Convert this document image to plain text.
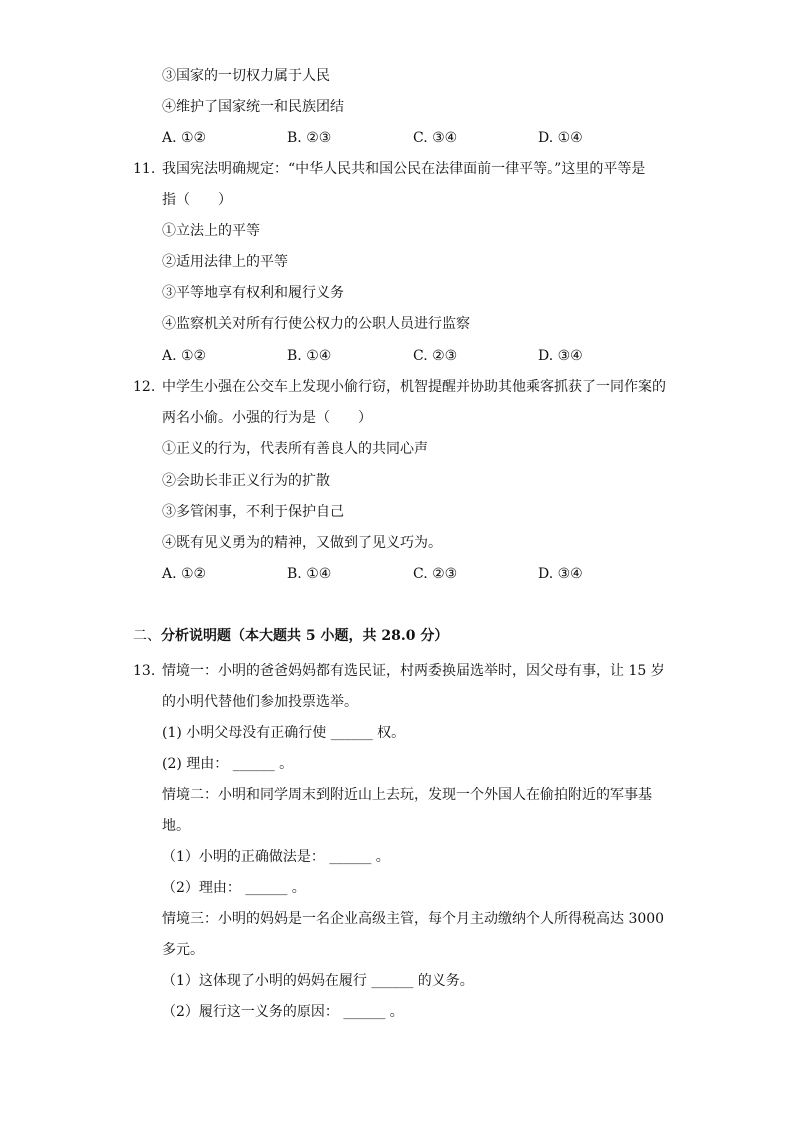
③国家的一切权力属于人民
④维护了国家统一和民族团结
A. ①②	B. ②③	C. ③④	D. ①④
11. 我国宪法明确规定：“中华人民共和国公民在法律面前一律平等。”这里的平等是
指（　　）
①立法上的平等
②适用法律上的平等
③平等地享有权利和履行义务
④监察机关对所有行使公权力的公职人员进行监察
A. ①②	B. ①④	C. ②③	D. ③④
12. 中学生小强在公交车上发现小偷行窃，机智提醒并协助其他乘客抓获了一同作案的
两名小偷。小强的行为是（　　）
①正义的行为，代表所有善良人的共同心声
②会助长非正义行为的扩散
③多管闲事，不利于保护自己
④既有见义勇为的精神，又做到了见义巧为。
A. ①②	B. ①④	C. ②③	D. ③④
二、分析说明题（本大题共 5 小题，共 28.0 分）
13. 情境一：小明的爸爸妈妈都有选民证，村两委换届选举时，因父母有事，让 15 岁
的小明代替他们参加投票选举。
(1) 小明父母没有正确行使 ______ 权。
(2) 理由： ______ 。
情境二：小明和同学周末到附近山上去玩，发现一个外国人在偷拍附近的军事基
地。
（1）小明的正确做法是： ______ 。
（2）理由： ______ 。
情境三：小明的妈妈是一名企业高级主管，每个月主动缴纳个人所得税高达 3000
多元。
（1）这体现了小明的妈妈在履行 ______ 的义务。
（2）履行这一义务的原因： ______ 。
